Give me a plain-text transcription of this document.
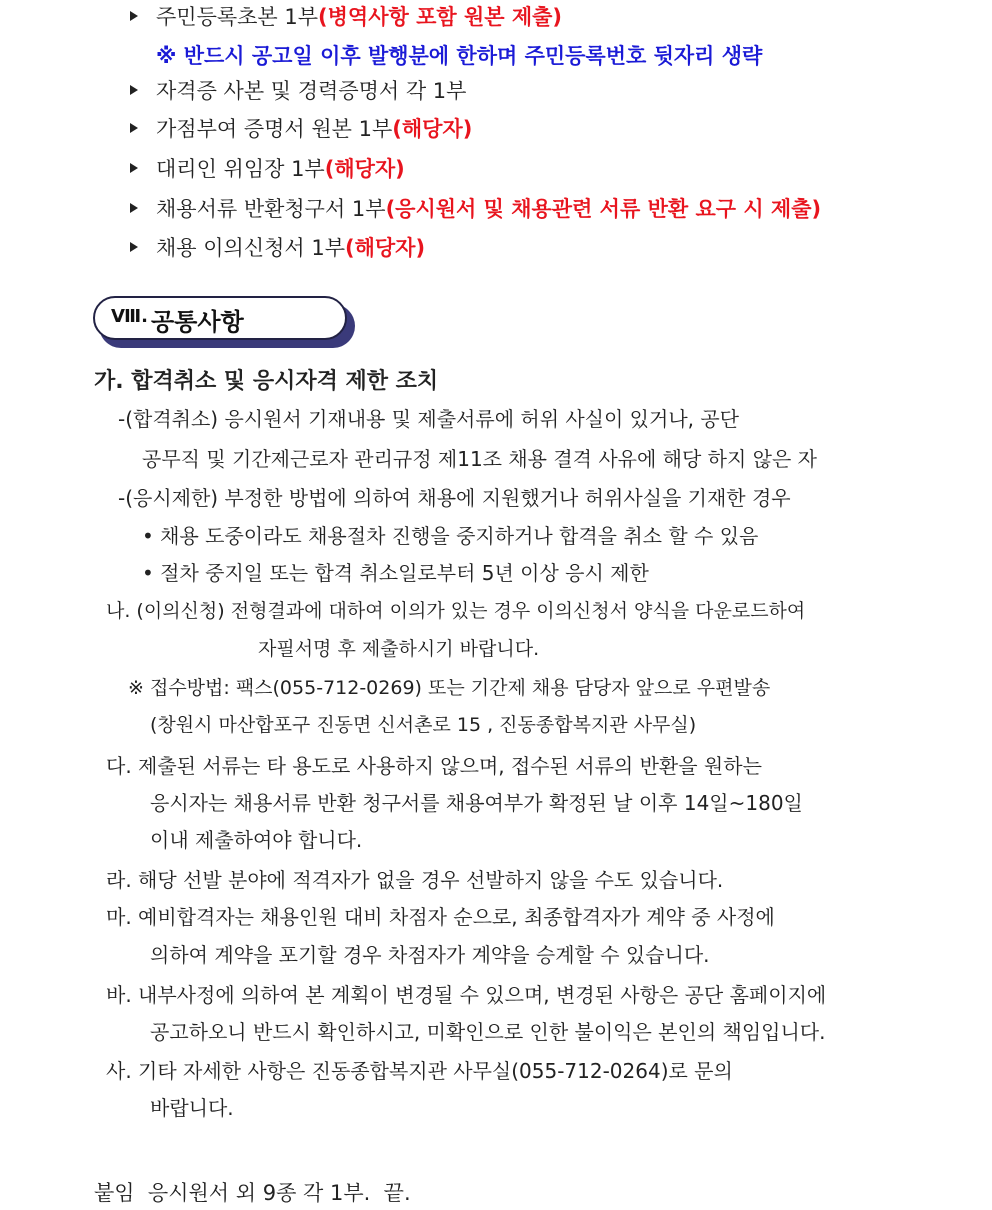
주민등록초본 1부(병역사항 포함 원본 제출)
※ 반드시 공고일 이후 발행분에 한하며 주민등록번호 뒷자리 생략
자격증 사본 및 경력증명서 각 1부
가점부여 증명서 원본 1부(해당자)
대리인 위임장 1부(해당자)
채용서류 반환청구서 1부(응시원서 및 채용관련 서류 반환 요구 시 제출)
채용 이의신청서 1부(해당자)
Ⅷ. 공통사항
가. 합격취소 및 응시자격 제한 조치
-(합격취소) 응시원서 기재내용 및 제출서류에 허위 사실이 있거나, 공단
공무직 및 기간제근로자 관리규정 제11조 채용 결격 사유에 해당 하지 않은 자
-(응시제한) 부정한 방법에 의하여 채용에 지원했거나 허위사실을 기재한 경우
• 채용 도중이라도 채용절차 진행을 중지하거나 합격을 취소 할 수 있음
• 절차 중지일 또는 합격 취소일로부터 5년 이상 응시 제한
나. (이의신청) 전형결과에 대하여 이의가 있는 경우 이의신청서 양식을 다운로드하여
자필서명 후 제출하시기 바랍니다.
※ 접수방법: 팩스(055-712-0269) 또는 기간제 채용 담당자 앞으로 우편발송
(창원시 마산합포구 진동면 신서촌로 15 , 진동종합복지관 사무실)
다. 제출된 서류는 타 용도로 사용하지 않으며, 접수된 서류의 반환을 원하는
응시자는 채용서류 반환 청구서를 채용여부가 확정된 날 이후 14일~180일
이내 제출하여야 합니다.
라. 해당 선발 분야에 적격자가 없을 경우 선발하지 않을 수도 있습니다.
마. 예비합격자는 채용인원 대비 차점자 순으로, 최종합격자가 계약 중 사정에
의하여 계약을 포기할 경우 차점자가 계약을 승계할 수 있습니다.
바. 내부사정에 의하여 본 계획이 변경될 수 있으며, 변경된 사항은 공단 홈페이지에
공고하오니 반드시 확인하시고, 미확인으로 인한 불이익은 본인의 책임입니다.
사. 기타 자세한 사항은 진동종합복지관 사무실(055-712-0264)로 문의
바랍니다.
붙임  응시원서 외 9종 각 1부.  끝.
